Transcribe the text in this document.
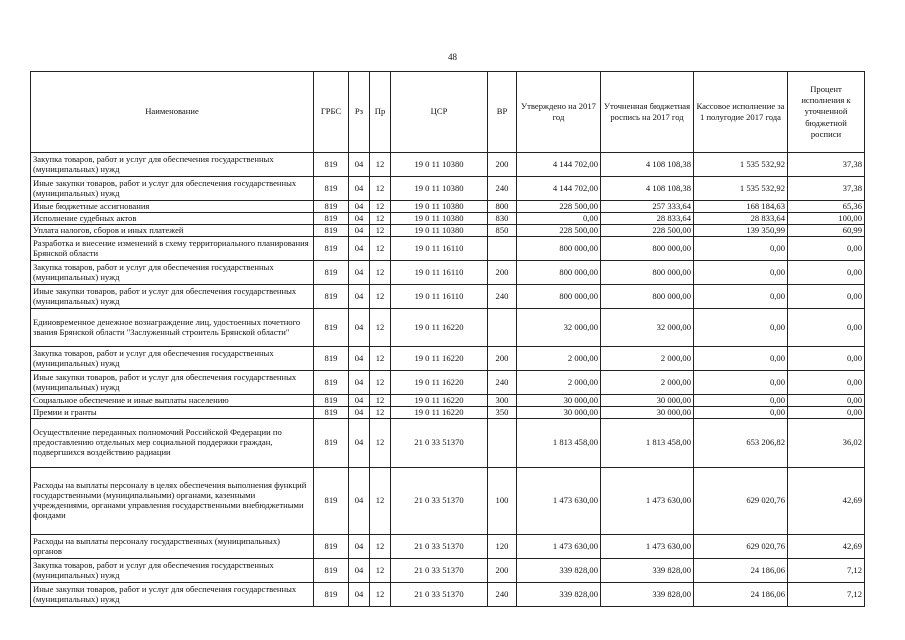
48
Наименование	ГРБС	Рз	Пр	ЦСР	ВР	Утверждено на 2017 год	Уточненная бюджетная роспись на 2017 год	Кассовое исполнение за 1 полугодие 2017 года	Процент исполнения к уточненной бюджетной росписи
Закупка товаров, работ и услуг для обеспечения государственных (муниципальных) нужд	819	04	12	19 0 11 10380	200	4 144 702,00	4 108 108,38	1 535 532,92	37,38
Иные закупки товаров, работ и услуг для обеспечения государственных (муниципальных) нужд	819	04	12	19 0 11 10380	240	4 144 702,00	4 108 108,38	1 535 532,92	37,38
Иные бюджетные ассигнования	819	04	12	19 0 11 10380	800	228 500,00	257 333,64	168 184,63	65,36
Исполнение судебных актов	819	04	12	19 0 11 10380	830	0,00	28 833,64	28 833,64	100,00
Уплата налогов, сборов и иных платежей	819	04	12	19 0 11 10380	850	228 500,00	228 500,00	139 350,99	60,99
Разработка и внесение изменений в схему территориального планирования Брянской области	819	04	12	19 0 11 16110		800 000,00	800 000,00	0,00	0,00
Закупка товаров, работ и услуг для обеспечения государственных (муниципальных) нужд	819	04	12	19 0 11 16110	200	800 000,00	800 000,00	0,00	0,00
Иные закупки товаров, работ и услуг для обеспечения государственных (муниципальных) нужд	819	04	12	19 0 11 16110	240	800 000,00	800 000,00	0,00	0,00
Единовременное денежное вознаграждение лиц, удостоенных почетного звания Брянской области "Заслуженный строитель Брянской области"	819	04	12	19 0 11 16220		32 000,00	32 000,00	0,00	0,00
Закупка товаров, работ и услуг для обеспечения государственных (муниципальных) нужд	819	04	12	19 0 11 16220	200	2 000,00	2 000,00	0,00	0,00
Иные закупки товаров, работ и услуг для обеспечения государственных (муниципальных) нужд	819	04	12	19 0 11 16220	240	2 000,00	2 000,00	0,00	0,00
Социальное обеспечение и иные выплаты населению	819	04	12	19 0 11 16220	300	30 000,00	30 000,00	0,00	0,00
Премии и гранты	819	04	12	19 0 11 16220	350	30 000,00	30 000,00	0,00	0,00
Осуществление переданных полномочий Российской Федерации по предоставлению отдельных мер социальной поддержки граждан, подвергшихся воздействию радиации	819	04	12	21 0 33 51370		1 813 458,00	1 813 458,00	653 206,82	36,02
Расходы на выплаты персоналу в целях обеспечения выполнения функций государственными (муниципальными) органами, казенными учреждениями, органами управления государственными внебюджетными фондами	819	04	12	21 0 33 51370	100	1 473 630,00	1 473 630,00	629 020,76	42,69
Расходы на выплаты персоналу государственных (муниципальных) органов	819	04	12	21 0 33 51370	120	1 473 630,00	1 473 630,00	629 020,76	42,69
Закупка товаров, работ и услуг для обеспечения государственных (муниципальных) нужд	819	04	12	21 0 33 51370	200	339 828,00	339 828,00	24 186,06	7,12
Иные закупки товаров, работ и услуг для обеспечения государственных (муниципальных) нужд	819	04	12	21 0 33 51370	240	339 828,00	339 828,00	24 186,06	7,12
